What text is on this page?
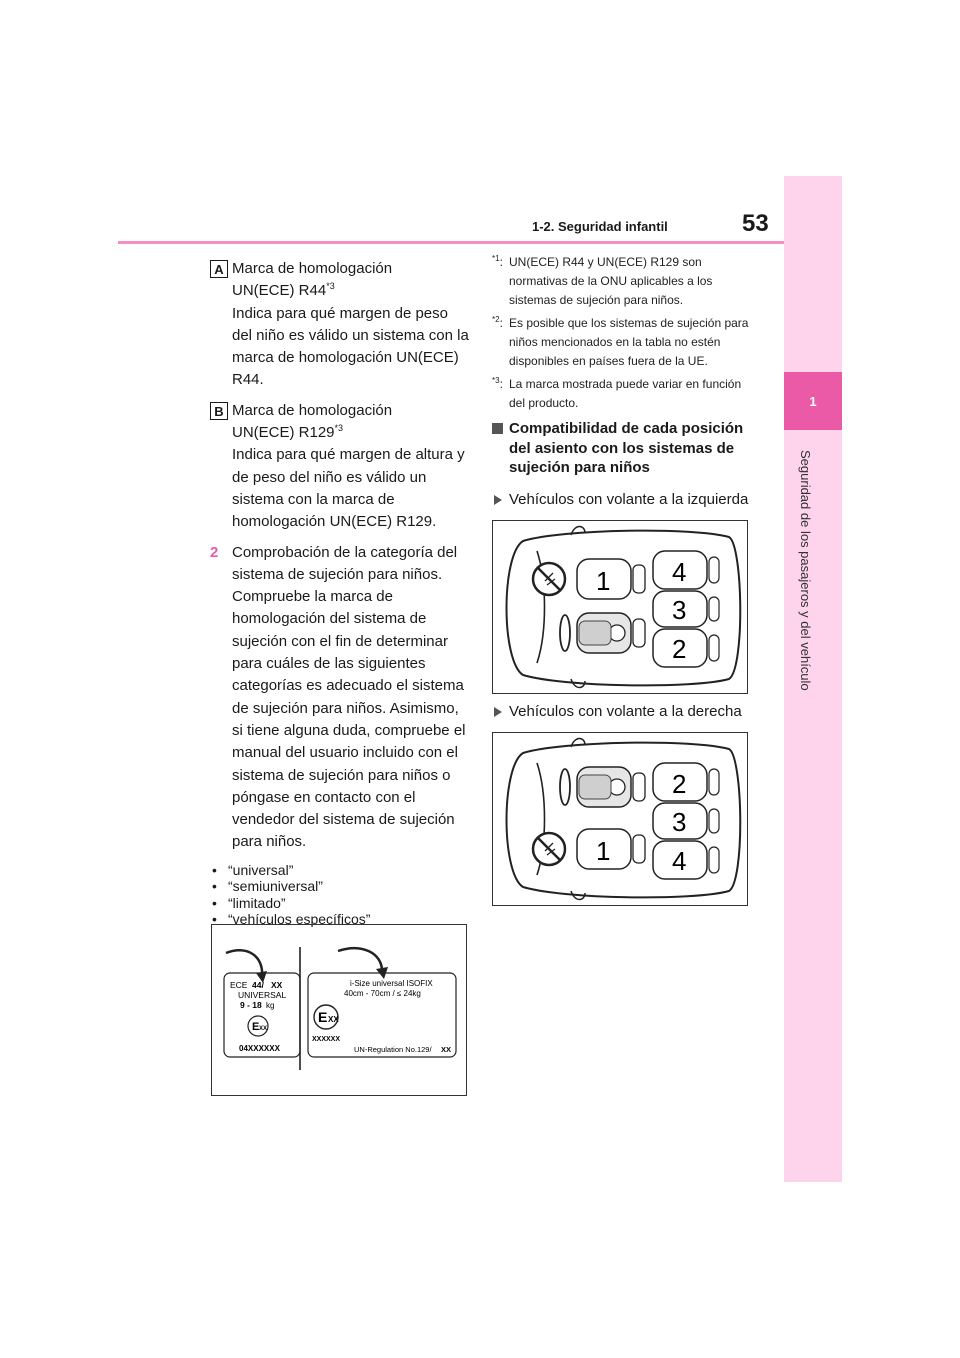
1-2. Seguridad infantil	53
1
Seguridad de los pasajeros y del vehículo
A Marca de homologación
UN(ECE) R44$^{*3}$
Indica para qué margen de peso del niño es válido un sistema con la marca de homologación UN(ECE) R44.
B Marca de homologación
UN(ECE) R129$^{*3}$
Indica para qué margen de altura y de peso del niño es válido un sistema con la marca de homologación UN(ECE) R129.
2 Comprobación de la categoría del sistema de sujeción para niños.
Compruebe la marca de homologación del sistema de sujeción con el fin de determinar para cuáles de las siguientes categorías es adecuado el sistema de sujeción para niños. Asimismo, si tiene alguna duda, compruebe el manual del usuario incluido con el sistema de sujeción para niños o póngase en contacto con el vendedor del sistema de sujeción para niños.
• “universal”
• “semiuniversal”
• “limitado”
• “vehículos específicos”
ECE 44/ XX
UNIVERSAL
9 - 18 kg
E XX
04XXXXXX
i-Size universal ISOFIX
40cm - 70cm / ≤ 24kg
E XX
XXXXXX
UN-Regulation No.129/ XX
$^{*1}$: UN(ECE) R44 y UN(ECE) R129 son normativas de la ONU aplicables a los sistemas de sujeción para niños.
$^{*2}$: Es posible que los sistemas de sujeción para niños mencionados en la tabla no estén disponibles en países fuera de la UE.
$^{*3}$: La marca mostrada puede variar en función del producto.
Compatibilidad de cada posición del asiento con los sistemas de sujeción para niños
Vehículos con volante a la izquierda
1 4
3
2
Vehículos con volante a la derecha
2
3
1 4
